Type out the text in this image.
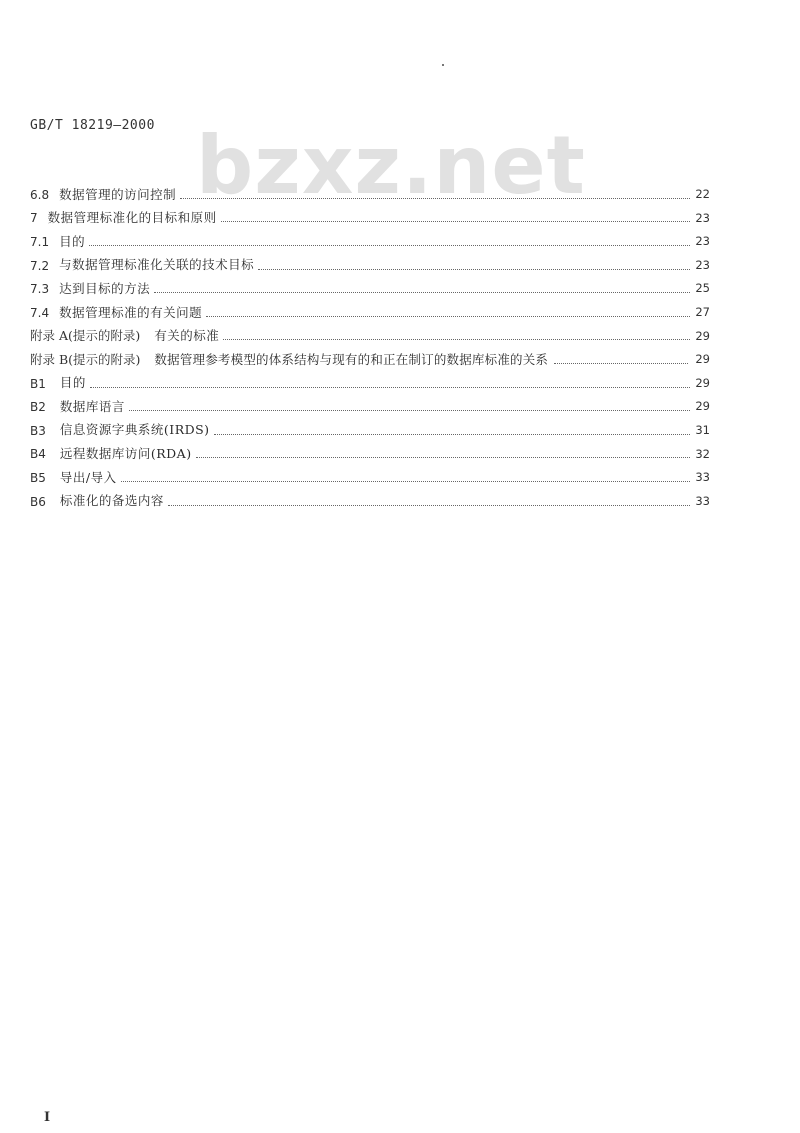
GB/T 18219—2000 bzxz.net
6.8 数据管理的访问控制	22
7 数据管理标准化的目标和原则	23
7.1 目的	23
7.2 与数据管理标准化关联的技术目标	23
7.3 达到目标的方法	25
7.4 数据管理标准的有关问题	27
附录 A(提示的附录) 有关的标准	29
附录 B(提示的附录) 数据管理参考模型的体系结构与现有的和正在制订的数据库标准的关系	29
B1 目的	29
B2 数据库语言	29
B3 信息资源字典系统(IRDS)	31
B4 远程数据库访问(RDA)	32
B5 导出/导入	33
B6 标准化的备选内容	33
I
